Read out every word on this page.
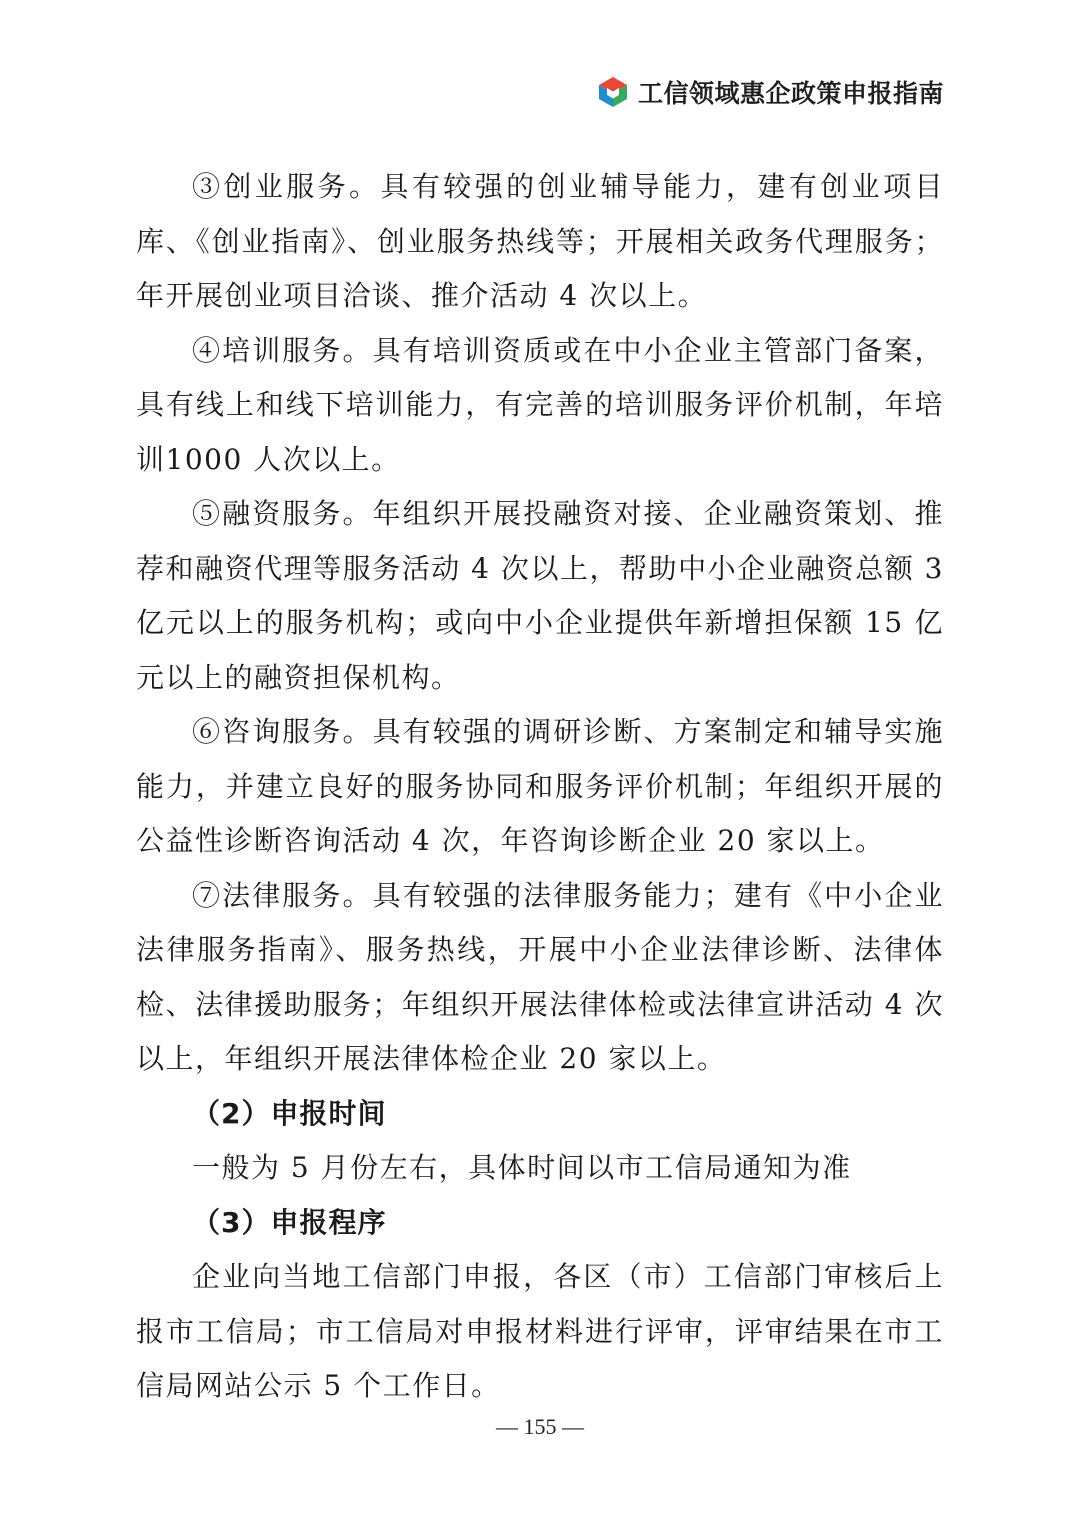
工信领域惠企政策申报指南

③创业服务。具有较强的创业辅导能力，建有创业项目库、《创业指南》、创业服务热线等；开展相关政务代理服务；年开展创业项目洽谈、推介活动 4 次以上。

④培训服务。具有培训资质或在中小企业主管部门备案，具有线上和线下培训能力，有完善的培训服务评价机制，年培训1000 人次以上。

⑤融资服务。年组织开展投融资对接、企业融资策划、推荐和融资代理等服务活动 4 次以上，帮助中小企业融资总额 3 亿元以上的服务机构；或向中小企业提供年新增担保额 15 亿元以上的融资担保机构。

⑥咨询服务。具有较强的调研诊断、方案制定和辅导实施能力，并建立良好的服务协同和服务评价机制；年组织开展的公益性诊断咨询活动 4 次，年咨询诊断企业 20 家以上。

⑦法律服务。具有较强的法律服务能力；建有《中小企业法律服务指南》、服务热线，开展中小企业法律诊断、法律体检、法律援助服务；年组织开展法律体检或法律宣讲活动 4 次以上，年组织开展法律体检企业 20 家以上。

（2）申报时间

一般为 5 月份左右，具体时间以市工信局通知为准

（3）申报程序

企业向当地工信部门申报，各区（市）工信部门审核后上报市工信局；市工信局对申报材料进行评审，评审结果在市工信局网站公示 5 个工作日。

— 155 —
